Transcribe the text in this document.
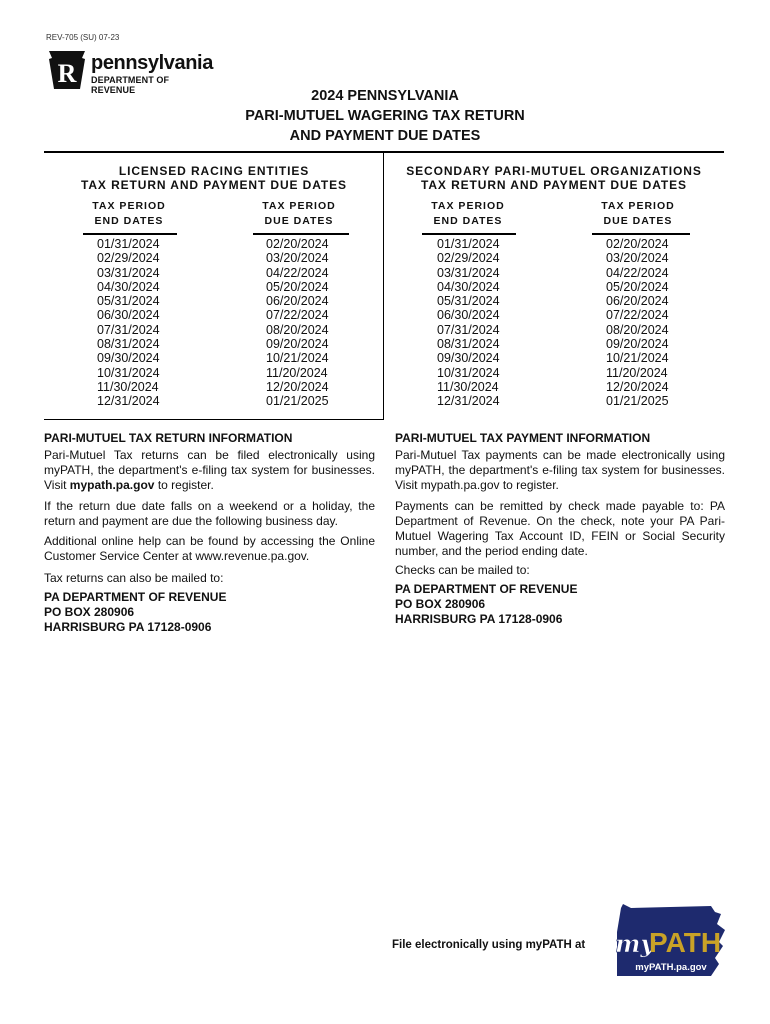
REV-705 (SU) 07-23
R pennsylvania
DEPARTMENT OF REVENUE	2024 PENNSYLVANIA
PARI-MUTUEL WAGERING TAX RETURN
AND PAYMENT DUE DATES
LICENSED RACING ENTITIES
TAX RETURN AND PAYMENT DUE DATES
TAX PERIOD
END DATES
TAX PERIOD
DUE DATES
01/31/2024
02/29/2024
03/31/2024
04/30/2024
05/31/2024
06/30/2024
07/31/2024
08/31/2024
09/30/2024
10/31/2024
11/30/2024
12/31/2024
02/20/2024
03/20/2024
04/22/2024
05/20/2024
06/20/2024
07/22/2024
08/20/2024
09/20/2024
10/21/2024
11/20/2024
12/20/2024
01/21/2025
SECONDARY PARI-MUTUEL ORGANIZATIONS
TAX RETURN AND PAYMENT DUE DATES
TAX PERIOD
END DATES
TAX PERIOD
DUE DATES
01/31/2024
02/29/2024
03/31/2024
04/30/2024
05/31/2024
06/30/2024
07/31/2024
08/31/2024
09/30/2024
10/31/2024
11/30/2024
12/31/2024
02/20/2024
03/20/2024
04/22/2024
05/20/2024
06/20/2024
07/22/2024
08/20/2024
09/20/2024
10/21/2024
11/20/2024
12/20/2024
01/21/2025
PARI-MUTUEL TAX RETURN INFORMATION
Pari-Mutuel Tax returns can be filed electronically using myPATH, the department's e-filing tax system for businesses. Visit mypath.pa.gov to register.
If the return due date falls on a weekend or a holiday, the return and payment are due the following business day.
Additional online help can be found by accessing the Online Customer Service Center at www.revenue.pa.gov.
Tax returns can also be mailed to:
PA DEPARTMENT OF REVENUE
PO BOX 280906
HARRISBURG PA 17128-0906
PARI-MUTUEL TAX PAYMENT INFORMATION
Pari-Mutuel Tax payments can be made electronically using myPATH, the department's e-filing tax system for businesses. Visit mypath.pa.gov to register.
Payments can be remitted by check made payable to: PA Department of Revenue. On the check, note your PA Pari-Mutuel Wagering Tax Account ID, FEIN or Social Security number, and the period ending date.
Checks can be mailed to:
PA DEPARTMENT OF REVENUE
PO BOX 280906
HARRISBURG PA 17128-0906
File electronically using myPATH at my
PATH
myPATH.pa.gov
